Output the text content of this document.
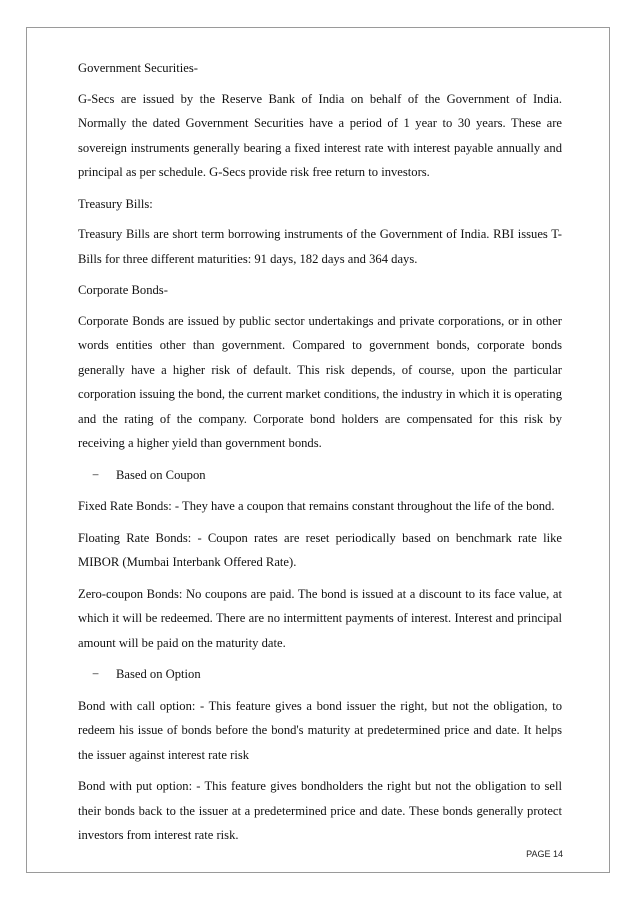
Government Securities-

G-Secs are issued by the Reserve Bank of India on behalf of the Government of India. Normally the dated Government Securities have a period of 1 year to 30 years. These are sovereign instruments generally bearing a fixed interest rate with interest payable annually and principal as per schedule. G-Secs provide risk free return to investors.

Treasury Bills:

Treasury Bills are short term borrowing instruments of the Government of India. RBI issues T-Bills for three different maturities: 91 days, 182 days and 364 days.

Corporate Bonds-

Corporate Bonds are issued by public sector undertakings and private corporations, or in other words entities other than government. Compared to government bonds, corporate bonds generally have a higher risk of default. This risk depends, of course, upon the particular corporation issuing the bond, the current market conditions, the industry in which it is operating and the rating of the company. Corporate bond holders are compensated for this risk by receiving a higher yield than government bonds.

− Based on Coupon

Fixed Rate Bonds: - They have a coupon that remains constant throughout the life of the bond.

Floating Rate Bonds: - Coupon rates are reset periodically based on benchmark rate like MIBOR (Mumbai Interbank Offered Rate).

Zero-coupon Bonds: No coupons are paid. The bond is issued at a discount to its face value, at which it will be redeemed. There are no intermittent payments of interest. Interest and principal amount will be paid on the maturity date.

− Based on Option

Bond with call option: - This feature gives a bond issuer the right, but not the obligation, to redeem his issue of bonds before the bond's maturity at predetermined price and date. It helps the issuer against interest rate risk

Bond with put option: - This feature gives bondholders the right but not the obligation to sell their bonds back to the issuer at a predetermined price and date. These bonds generally protect investors from interest rate risk.

PAGE 14
